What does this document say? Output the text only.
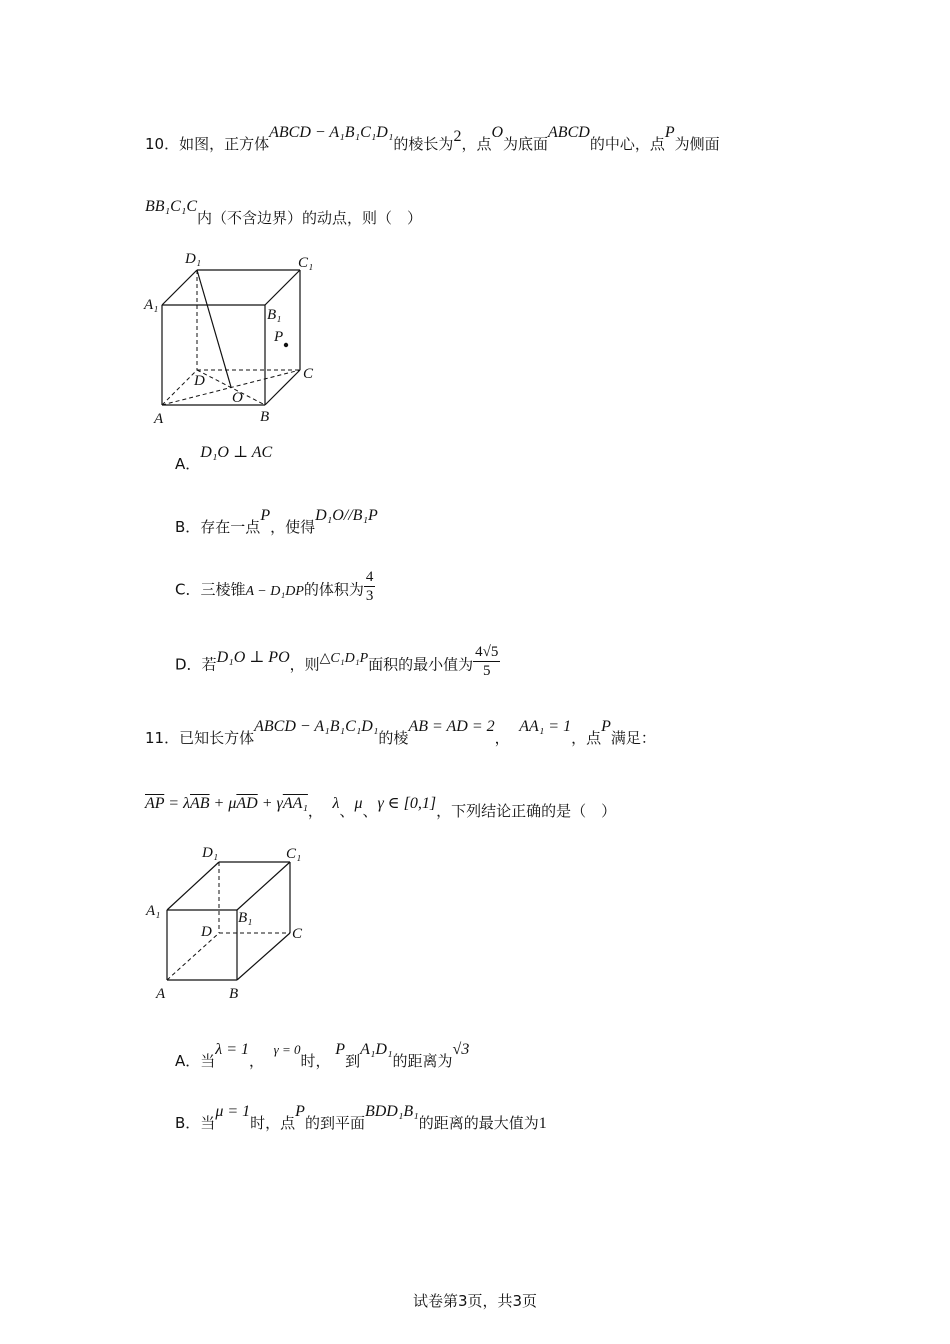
10．如图，正方体ABCD − A₁B₁C₁D₁的棱长为2，点O为底面ABCD的中心，点P为侧面
BB₁C₁C内（不含边界）的动点，则（　）
D₁	C₁
A₁
B₁
P
D	C
O
A	B
A．D₁O ⊥ AC
B．存在一点P，使得D₁O//B₁P
C．三棱锥A − D₁DP的体积为 $\frac{4}{3}$
D．若D₁O ⊥ PO，则△C₁D₁P面积的最小值为 $\frac{4√5}{5}$
11．已知长方体ABCD − A₁B₁C₁D₁的棱AB = AD = 2，  AA₁ = 1，点P满足：
$\overline{AP} = \lambda\overline{AB} + \mu\overline{AD} + \gamma AA_1$， λ、μ、γ ∈ [0,1]，下列结论正确的是（　）
D₁	C₁
A₁	B₁
D	C
A	B
A．当λ = 1，  γ = 0时， P到A₁D₁的距离为√3
B．当μ = 1时，点P的到平面BDD₁B₁的距离的最大值为1
试卷第3页，共3页
